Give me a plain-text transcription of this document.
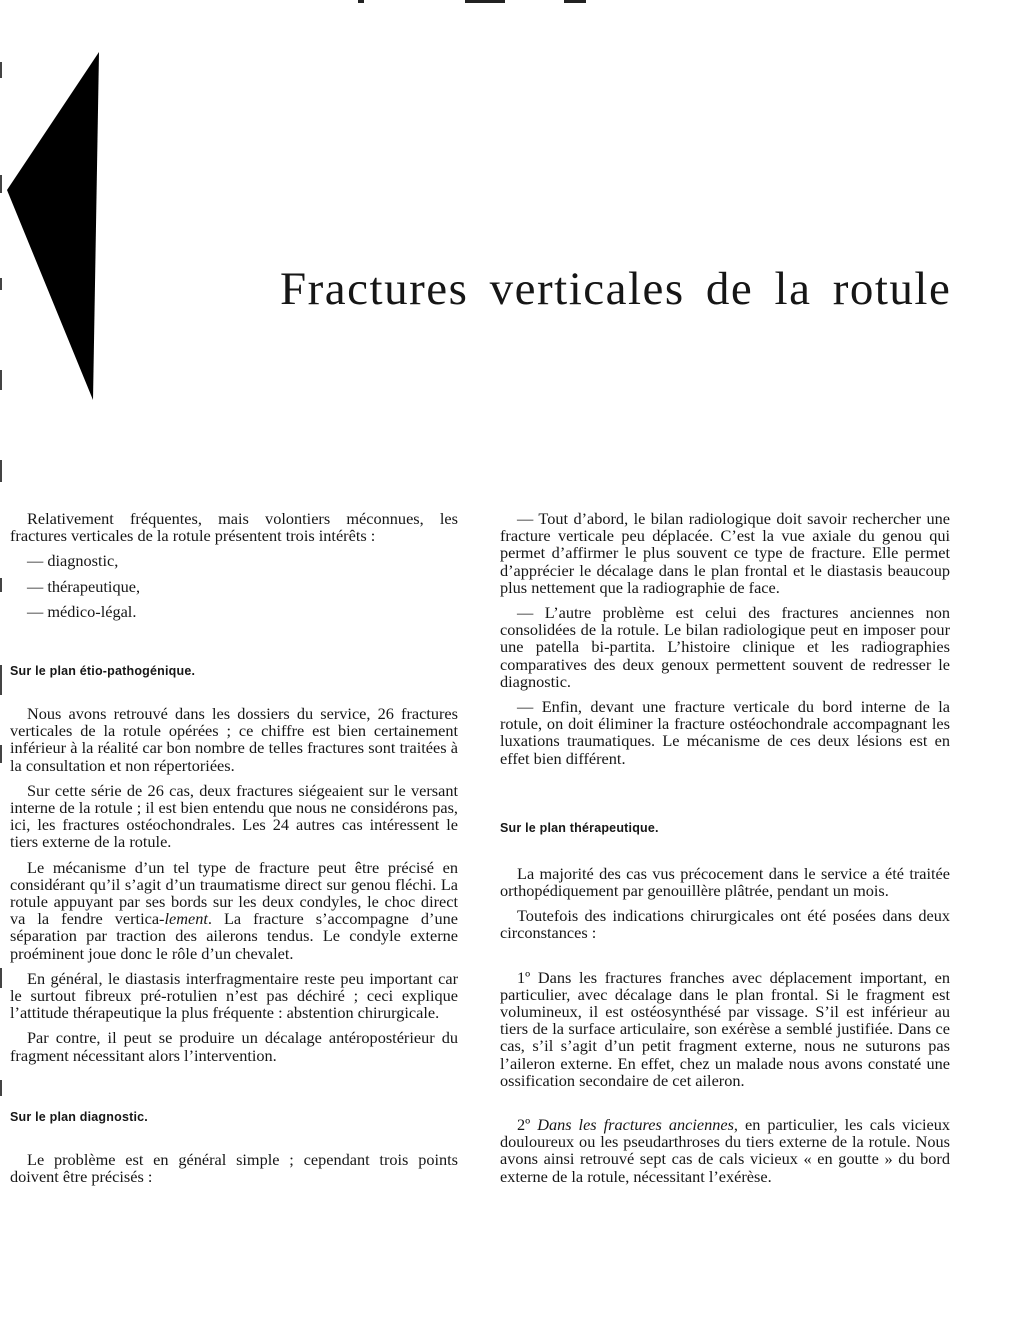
Fractures verticales de la rotule

Relativement fréquentes, mais volontiers méconnues, les fractures verticales de la rotule présentent trois intérêts :

— diagnostic,

— thérapeutique,

— médico-légal.

Sur le plan étio-pathogénique.

Nous avons retrouvé dans les dossiers du service, 26 fractures verticales de la rotule opérées ; ce chiffre est bien certainement inférieur à la réalité car bon nombre de telles fractures sont traitées à la consultation et non répertoriées.

Sur cette série de 26 cas, deux fractures siégeaient sur le versant interne de la rotule ; il est bien entendu que nous ne considérons pas, ici, les fractures ostéochondrales. Les 24 autres cas intéressent le tiers externe de la rotule.

Le mécanisme d’un tel type de fracture peut être précisé en considérant qu’il s’agit d’un traumatisme direct sur genou fléchi. La rotule appuyant par ses bords sur les deux condyles, le choc direct va la fendre vertica-lement. La fracture s’accompagne d’une séparation par traction des ailerons tendus. Le condyle externe proéminent joue donc le rôle d’un chevalet.

En général, le diastasis interfragmentaire reste peu important car le surtout fibreux pré-rotulien n’est pas déchiré ; ceci explique l’attitude thérapeutique la plus fréquente : abstention chirurgicale.

Par contre, il peut se produire un décalage antéropostérieur du fragment nécessitant alors l’intervention.

Sur le plan diagnostic.

Le problème est en général simple ; cependant trois points doivent être précisés :

— Tout d’abord, le bilan radiologique doit savoir rechercher une fracture verticale peu déplacée. C’est la vue axiale du genou qui permet d’affirmer le plus souvent ce type de fracture. Elle permet d’apprécier le décalage dans le plan frontal et le diastasis beaucoup plus nettement que la radiographie de face.

— L’autre problème est celui des fractures anciennes non consolidées de la rotule. Le bilan radiologique peut en imposer pour une patella bi-partita. L’histoire clinique et les radiographies comparatives des deux genoux permettent souvent de redresser le diagnostic.

— Enfin, devant une fracture verticale du bord interne de la rotule, on doit éliminer la fracture ostéochondrale accompagnant les luxations traumatiques. Le mécanisme de ces deux lésions est en effet bien différent.

Sur le plan thérapeutique.

La majorité des cas vus précocement dans le service a été traitée orthopédiquement par genouillère plâtrée, pendant un mois.

Toutefois des indications chirurgicales ont été posées dans deux circonstances :

1º Dans les fractures franches avec déplacement important, en particulier, avec décalage dans le plan frontal. Si le fragment est volumineux, il est ostéosynthésé par vissage. S’il est inférieur au tiers de la surface articulaire, son exérèse a semblé justifiée. Dans ce cas, s’il s’agit d’un petit fragment externe, nous ne suturons pas l’aileron externe. En effet, chez un malade nous avons constaté une ossification secondaire de cet aileron.

2º Dans les fractures anciennes, en particulier, les cals vicieux douloureux ou les pseudarthroses du tiers externe de la rotule. Nous avons ainsi retrouvé sept cas de cals vicieux « en goutte » du bord externe de la rotule, nécessitant l’exérèse.
